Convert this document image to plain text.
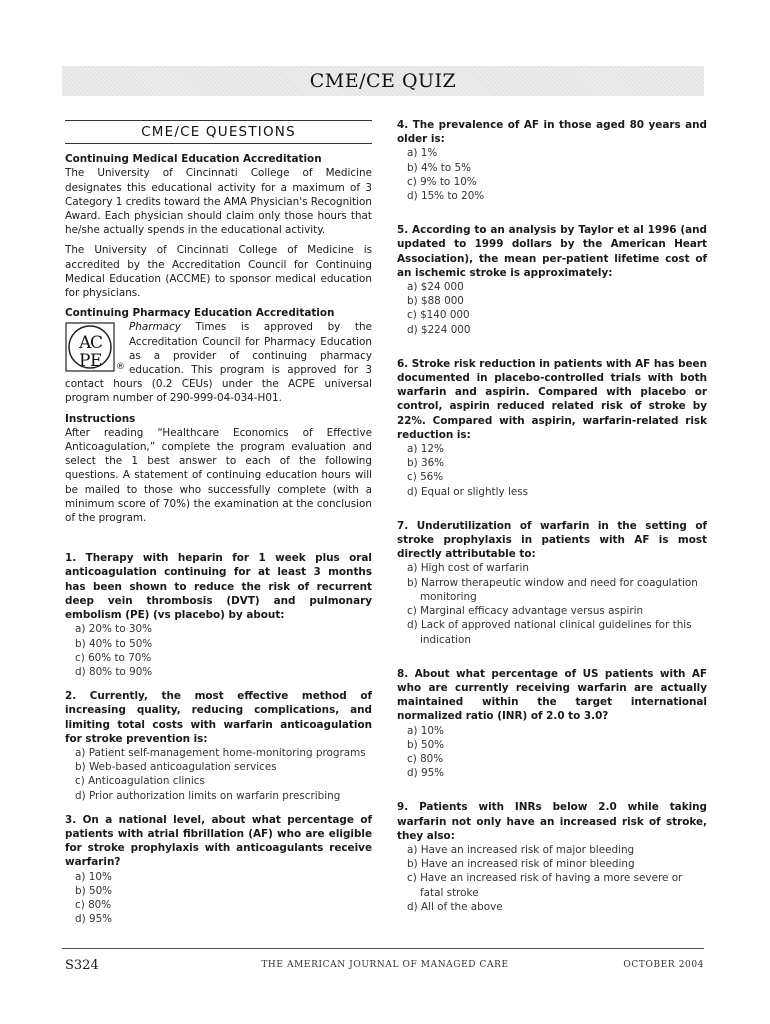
CME/CE QUIZ
CME/CE QUESTIONS

Continuing Medical Education Accreditation

The University of Cincinnati College of Medicine designates this educational activity for a maximum of 3 Category 1 credits toward the AMA Physician's Recognition Award. Each physician should claim only those hours that he/she actually spends in the educational activity.

The University of Cincinnati College of Medicine is accredited by the Accreditation Council for Continuing Medical Education (ACCME) to sponsor medical education for physicians.

Continuing Pharmacy Education Accreditation

A
C
P E ®

Pharmacy Times is approved by the Accreditation Council for Pharmacy Education as a provider of continuing pharmacy education. This program is approved for 3 contact hours (0.2 CEUs) under the ACPE universal program number of 290-999-04-034-H01.

Instructions

After reading “Healthcare Economics of Effective Anticoagulation,” complete the program evaluation and select the 1 best answer to each of the following questions. A statement of continuing education hours will be mailed to those who successfully complete (with a minimum score of 70%) the examination at the conclusion of the program.

1. Therapy with heparin for 1 week plus oral anticoagulation continuing for at least 3 months has been shown to reduce the risk of recurrent deep vein thrombosis (DVT) and pulmonary embolism (PE) (vs placebo) by about:

a) 20% to 30%
b) 40% to 50%
c) 60% to 70%
d) 80% to 90%

2. Currently, the most effective method of increasing quality, reducing complications, and limiting total costs with warfarin anticoagulation for stroke prevention is:

a) Patient self-management home-monitoring programs
b) Web-based anticoagulation services
c) Anticoagulation clinics
d) Prior authorization limits on warfarin prescribing

3. On a national level, about what percentage of patients with atrial fibrillation (AF) who are eligible for stroke prophylaxis with anticoagulants receive warfarin?

a) 10%
b) 50%
c) 80%
d) 95%

4. The prevalence of AF in those aged 80 years and older is:

a) 1%
b) 4% to 5%
c) 9% to 10%
d) 15% to 20%

5. According to an analysis by Taylor et al 1996 (and updated to 1999 dollars by the American Heart Association), the mean per-patient lifetime cost of an ischemic stroke is approximately:

a) $24 000
b) $88 000
c) $140 000
d) $224 000

6. Stroke risk reduction in patients with AF has been documented in placebo-controlled trials with both warfarin and aspirin. Compared with placebo or control, aspirin reduced related risk of stroke by 22%. Compared with aspirin, warfarin-related risk reduction is:

a) 12%
b) 36%
c) 56%
d) Equal or slightly less

7. Underutilization of warfarin in the setting of stroke prophylaxis in patients with AF is most directly attributable to:

a) High cost of warfarin
b) Narrow therapeutic window and need for coagulation monitoring
c) Marginal efficacy advantage versus aspirin
d) Lack of approved national clinical guidelines for this indication

8. About what percentage of US patients with AF who are currently receiving warfarin are actually maintained within the target international normalized ratio (INR) of 2.0 to 3.0?

a) 10%
b) 50%
c) 80%
d) 95%

9. Patients with INRs below 2.0 while taking warfarin not only have an increased risk of stroke, they also:

a) Have an increased risk of major bleeding
b) Have an increased risk of minor bleeding
c) Have an increased risk of having a more severe or fatal stroke
d) All of the above
S324	THE AMERICAN JOURNAL OF MANAGED CARE	OCTOBER 2004
